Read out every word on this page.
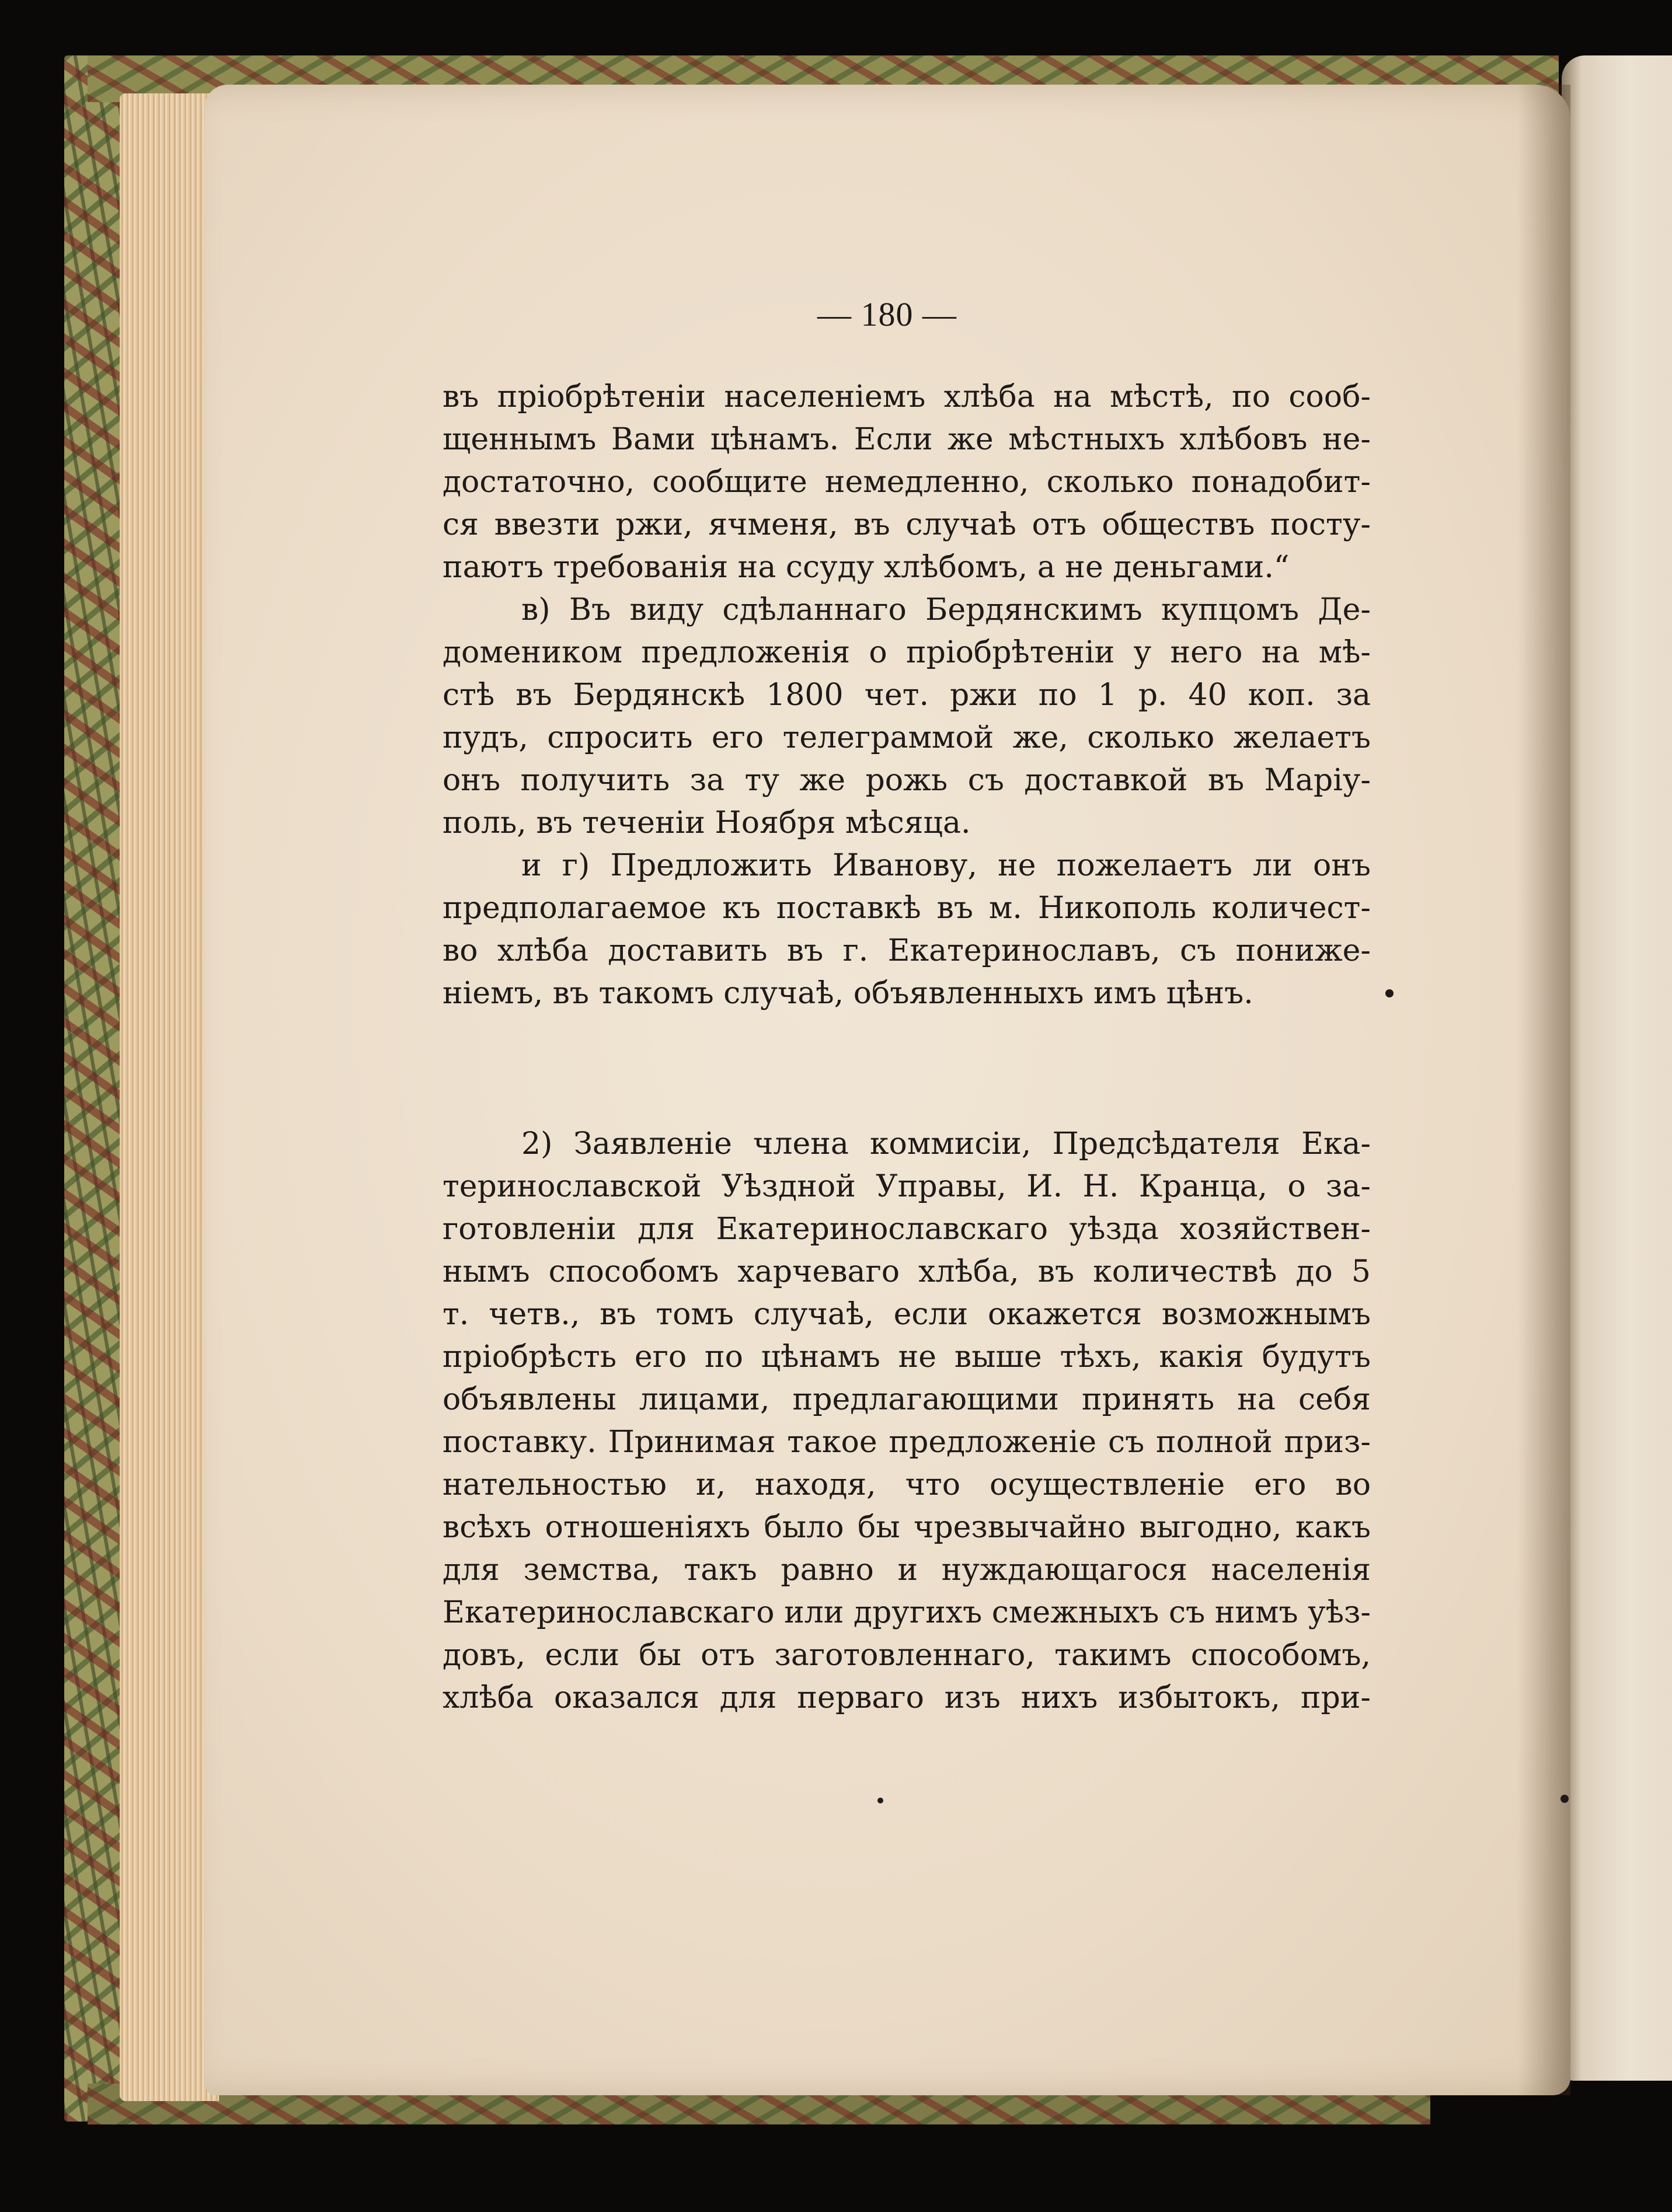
— 180 —
въ пріобрѣтеніи населеніемъ хлѣба на мѣстѣ, по сооб-
щеннымъ Вами цѣнамъ. Если же мѣстныхъ хлѣбовъ не-
достаточно, сообщите немедленно, сколько понадобит-
ся ввезти ржи, ячменя, въ случаѣ отъ обществъ посту-
паютъ требованія на ссуду хлѣбомъ, а не деньгами.“
в) Въ виду сдѣланнаго Бердянскимъ купцомъ Де-
домеником предложенія о пріобрѣтеніи у него на мѣ-
стѣ въ Бердянскѣ 1800 чет. ржи по 1 р. 40 коп. за
пудъ, спросить его телеграммой же, сколько желаетъ
онъ получить за ту же рожь съ доставкой въ Маріу-
поль, въ теченіи Ноября мѣсяца.
и г) Предложить Иванову, не пожелаетъ ли онъ
предполагаемое къ поставкѣ въ м. Никополь количест-
во хлѣба доставить въ г. Екатеринославъ, съ пониже-
ніемъ, въ такомъ случаѣ, объявленныхъ имъ цѣнъ.
2) Заявленіе члена коммисіи, Предсѣдателя Ека-
теринославской Уѣздной Управы, И. Н. Кранца, о за-
готовленіи для Екатеринославскаго уѣзда хозяйствен-
нымъ способомъ харчеваго хлѣба, въ количествѣ до 5
т. четв., въ томъ случаѣ, если окажется возможнымъ
пріобрѣсть его по цѣнамъ не выше тѣхъ, какія будутъ
объявлены лицами, предлагающими принять на себя
поставку. Принимая такое предложеніе съ полной приз-
нательностью и, находя, что осуществленіе его во
всѣхъ отношеніяхъ было бы чрезвычайно выгодно, какъ
для земства, такъ равно и нуждающагося населенія
Екатеринославскаго или другихъ смежныхъ съ нимъ уѣз-
довъ, если бы отъ заготовленнаго, такимъ способомъ,
хлѣба оказался для перваго изъ нихъ избытокъ, при-
